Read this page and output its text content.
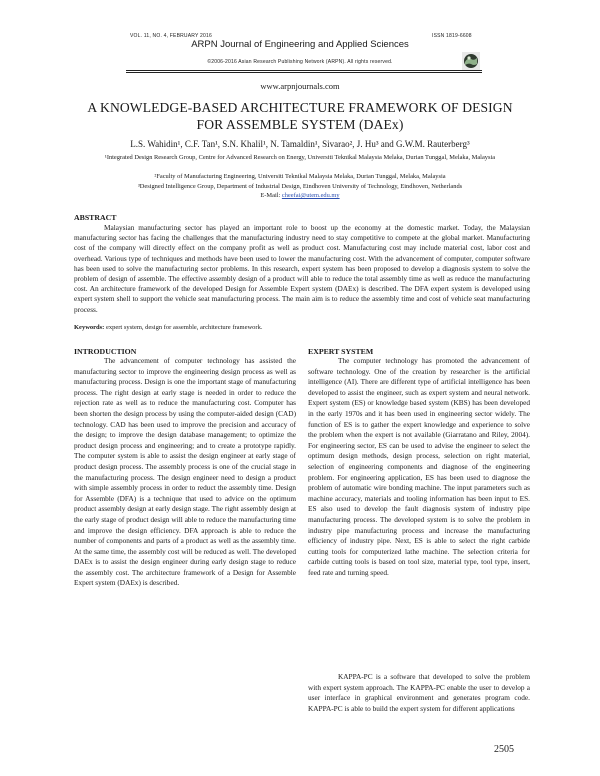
VOL. 11, NO. 4, FEBRUARY 2016	ISSN 1819-6608
ARPN Journal of Engineering and Applied Sciences
©2006-2016 Asian Research Publishing Network (ARPN). All rights reserved.
www.arpnjournals.com
A KNOWLEDGE-BASED ARCHITECTURE FRAMEWORK OF DESIGN
FOR ASSEMBLE SYSTEM (DAEx)
L.S. Wahidin¹, C.F. Tan¹, S.N. Khalil¹, N. Tamaldin¹, Sivarao², J. Hu³ and G.W.M. Rauterberg³
¹Integrated Design Research Group, Centre for Advanced Research on Energy, Universiti Teknikal Malaysia Melaka, Durian Tunggal, Melaka, Malaysia
²Faculty of Manufacturing Engineering, Universiti Teknikal Malaysia Melaka, Durian Tunggal, Melaka, Malaysia
³Designed Intelligence Group, Department of Industrial Design, Eindhoven University of Technology, Eindhoven, Netherlands
E-Mail: cheefai@utem.edu.my
ABSTRACT

Malaysian manufacturing sector has played an important role to boost up the economy at the domestic market. Today, the Malaysian manufacturing sector has facing the challenges that the manufacturing industry need to stay competitive to compete at the global market. Manufacturing cost of the company will directly effect on the company profit as well as product cost. Manufacturing cost may include material cost, labor cost and overhead. Various type of techniques and methods have been used to lower the manufacturing cost. With the advancement of computer, computer software has been used to solve the manufacturing sector problems. In this research, expert system has been proposed to develop a diagnosis system to solve the problem of design of assemble. The effective assembly design of a product will able to reduce the total assembly time as well as reduce the manufacturing cost. An architecture framework of the developed Design for Assemble Expert system (DAEx) is described. The DFA expert system is developed using expert system shell to support the vehicle seat manufacturing process. The main aim is to reduce the assembly time and cost of vehicle seat manufacturing process.

Keywords: expert system, design for assemble, architecture framework.

INTRODUCTION

The advancement of computer technology has assisted the manufacturing sector to improve the engineering design process as well as manufacturing process. Design is one the important stage of manufacturing process. The right design at early stage is needed in order to reduce the rejection rate as well as to reduce the manufacturing cost. Computer has been shorten the design process by using the computer-aided design (CAD) technology. CAD has been used to improve the precision and accuracy of the design; to improve the design database management; to optimize the product design process and engineering; and to create a prototype rapidly. The computer system is able to assist the design engineer at early stage of product design process. The assembly process is one of the crucial stage in the manufacturing process. The design engineer need to design a product with simple assembly process in order to reduct the assembly time. Design for Assemble (DFA) is a technique that used to advice on the optimum product assembly design at early design stage. The right assembly design at the early stage of product design will able to reduce the manufacturing time and improve the design efficiency. DFA approach is able to reduce the number of components and parts of a product as well as the assembly time. At the same time, the assembly cost will be reduced as well. The developed DAEx is to assist the design engineer during early design stage to reduce the assembly cost. The architecture framework of a Design for Assemble Expert system (DAEx) is described.

EXPERT SYSTEM

The computer technology has promoted the advancement of software technology. One of the creation by researcher is the artificial intelligence (AI). There are different type of artificial intelligence has been developed to assist the engineer, such as expert system and neural network. Expert system (ES) or knowledge based system (KBS) has been developed in the early 1970s and it has been used in engineering sector widely. The function of ES is to gather the expert knowledge and experience to solve the problem when the expert is not available (Giarratano and Riley, 2004). For engineering sector, ES can be used to advise the engineer to select the optimum design methods, design process, selection on right material, selection of engineering components and diagnose of the engineering problem. For engineering application, ES has been used to diagnose the problem of automatic wire bonding machine. The input parameters such as machine accuracy, materials and tooling information has been input to ES. ES also used to develop the fault diagnosis system of industry pipe manufacturing process. The developed system is to solve the problem in industry pipe manufacturing process and increase the manufacturing efficiency of industry pipe. Next, ES is able to select the right carbide cutting tools for computerized lathe machine. The selection criteria for carbide cutting tools is based on tool size, material type, tool type, insert, feed rate and turning speed.

KAPPA-PC is a software that developed to solve the problem with expert system approach. The KAPPA-PC enable the user to develop a user interface in graphical environment and generates program code. KAPPA-PC is able to build the expert system for different applications

2505
